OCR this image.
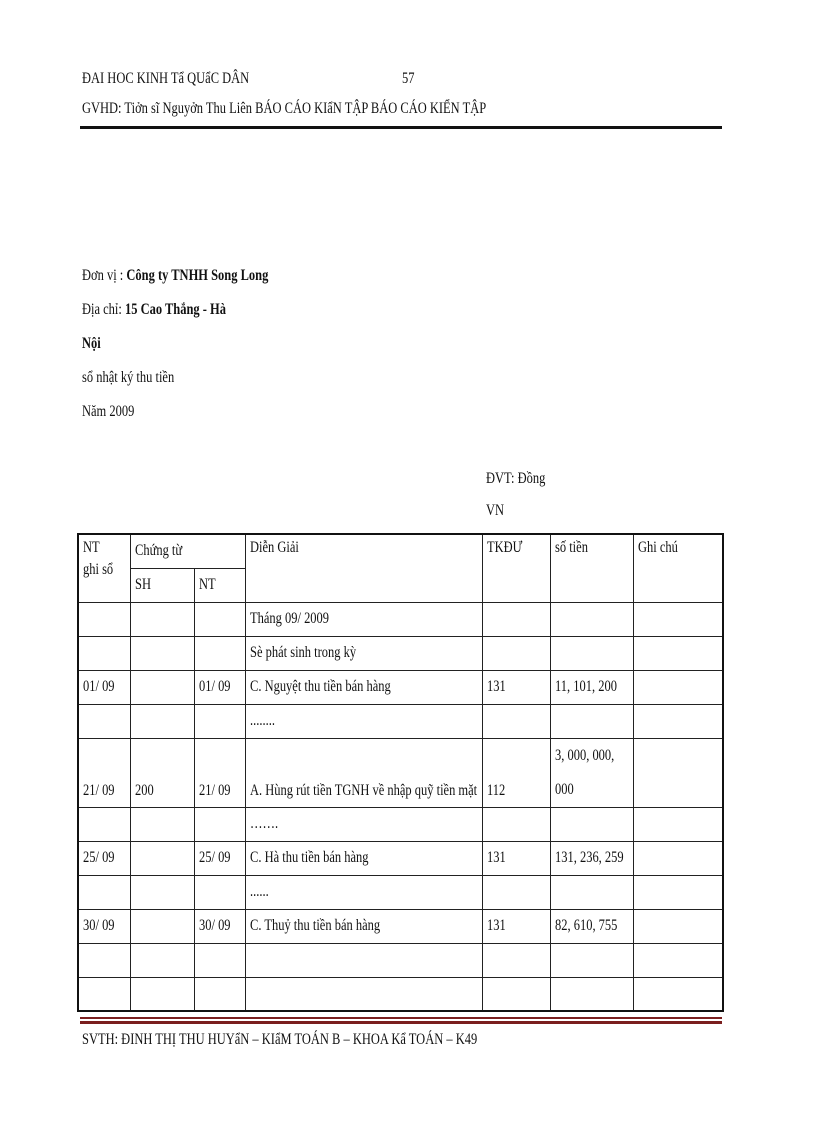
ĐAI HOC KINH Tẩ QUẩC DÂN	57
GVHD: Tiởn sĩ Nguyởn Thu Liên BÁO CÁO KIẩN TẬP BÁO CÁO KIỂN TẬP
Đơn vị : Công ty TNHH Song Long
Địa chỉ: 15 Cao Thắng - Hà
Nội
sổ nhật ký thu tiền
Năm 2009
ĐVT: Đồng
VN
NT
ghi sổ	Chứng từ		Diễn Giải	TKĐƯ	số tiền	Ghi chú
	SH	NT				
			Tháng 09/ 2009			
			Sè phát sinh trong kỳ			
01/ 09		01/ 09	C. Nguyệt thu tiền bán hàng	131	11, 101, 200	
			........			
21/ 09	200	21/ 09	A. Hùng rút tiền TGNH về nhập quỹ tiền mặt	112	3, 000, 000,
000	
			…….			
25/ 09		25/ 09	C. Hà thu tiền bán hàng	131	131, 236, 259	
			......			
30/ 09		30/ 09	C. Thuỷ thu tiền bán hàng	131	82, 610, 755	

SVTH: ĐINH THỊ THU HUYẩN – KIẩM TOÁN B – KHOA Kẩ TOÁN – K49
